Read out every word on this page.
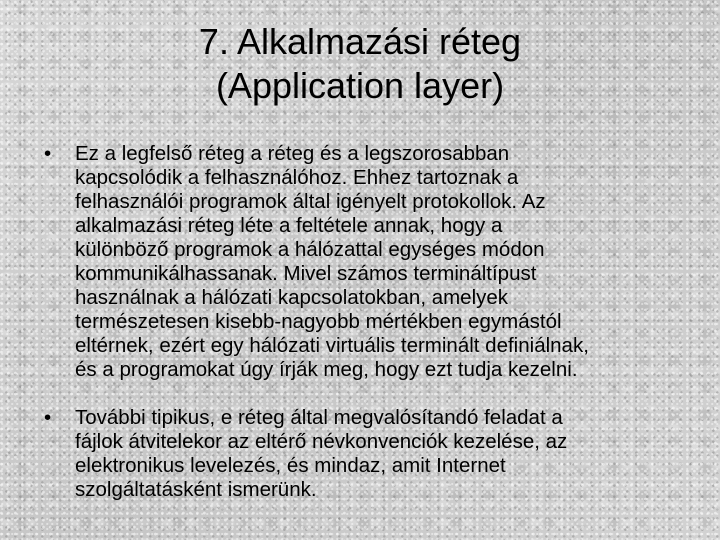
7. Alkalmazási réteg
(Application layer)
•	Ez a legfelső réteg a réteg és a legszorosabban
kapcsolódik a felhasználóhoz. Ehhez tartoznak a
felhasználói programok által igényelt protokollok. Az
alkalmazási réteg léte a feltétele annak, hogy a
különböző programok a hálózattal egységes módon
kommunikálhassanak. Mivel számos termináltípust
használnak a hálózati kapcsolatokban, amelyek
természetesen kisebb-nagyobb mértékben egymástól
eltérnek, ezért egy hálózati virtuális terminált definiálnak,
és a programokat úgy írják meg, hogy ezt tudja kezelni.
•	További tipikus, e réteg által megvalósítandó feladat a
fájlok átvitelekor az eltérő névkonvenciók kezelése, az
elektronikus levelezés, és mindaz, amit Internet
szolgáltatásként ismerünk.
